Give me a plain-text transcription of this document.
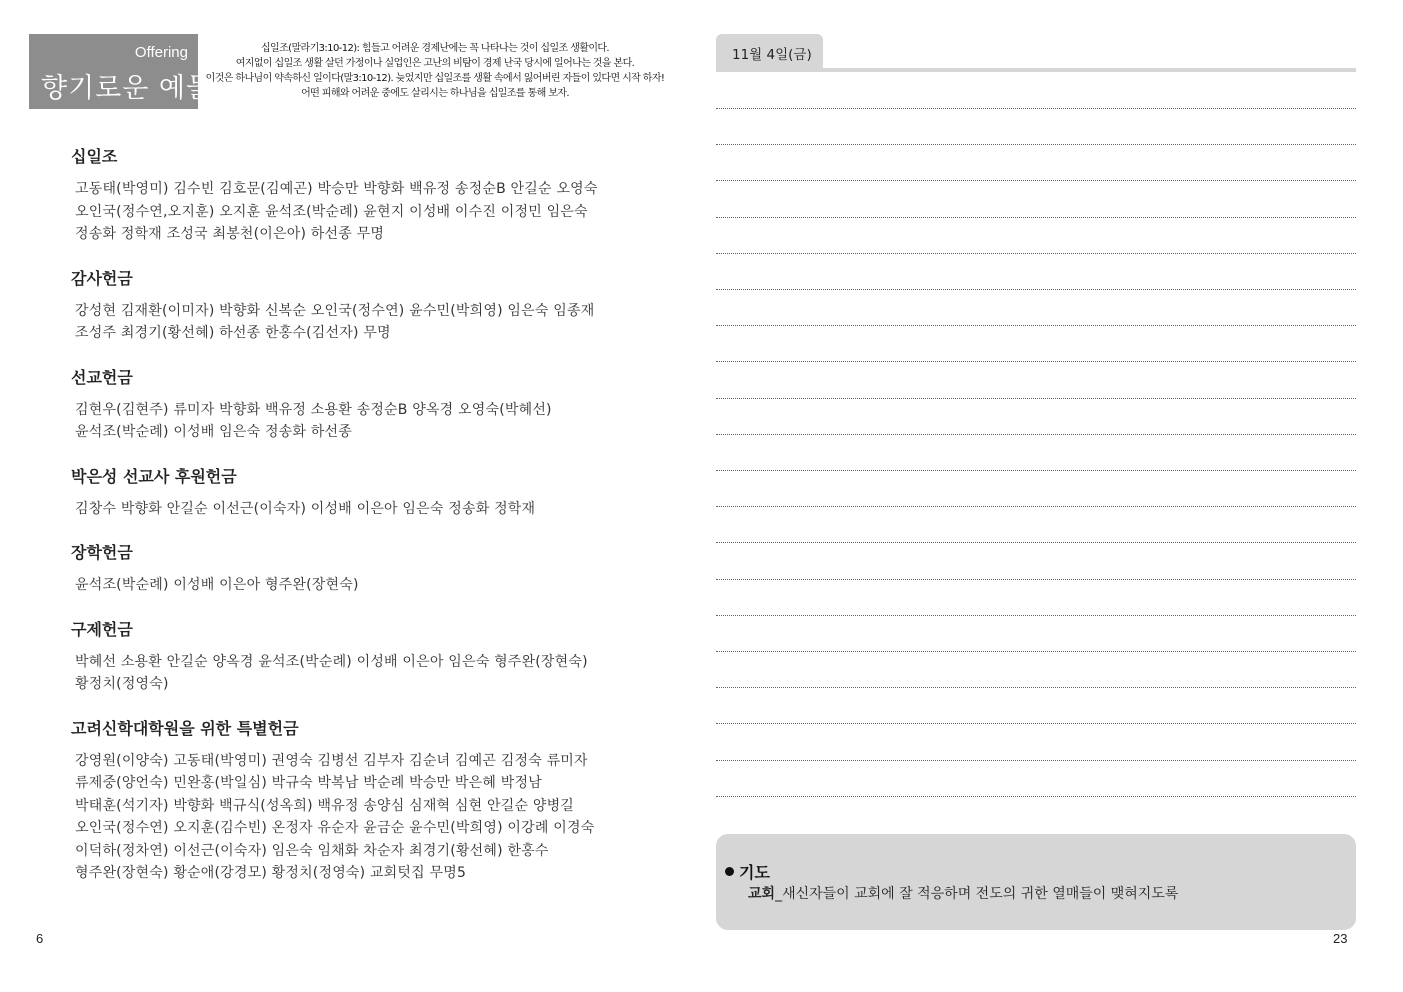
Offering
향기로운 예물
십일조(말라기3:10-12): 힘들고 어려운 경제난에는 꼭 나타나는 것이 십일조 생활이다.
여지없이 십일조 생활 살던 가정이나 실업인은 고난의 비탐이 경제 난국 당시에 일어나는 것을 본다.
이것은 하나님이 약속하신 일이다(말3:10-12). 늦었지만 십일조를 생활 속에서 잃어버린 자들이 있다면 시작 하자!
어떤 피해와 어려운 중에도 살리시는 하나님을 십일조를 통해 보자.
십일조
고동태(박영미) 김수빈 김호문(김예곤) 박승만 박향화 백유정 송정순B 안길순 오영숙
오인국(정수연,오지훈) 오지훈 윤석조(박순례) 윤현지 이성배 이수진 이정민 임은숙
정송화 정학재 조성국 최봉천(이은아) 하선종 무명
감사헌금
강성현 김재환(이미자) 박향화 신복순 오인국(정수연) 윤수민(박희영) 임은숙 임종재
조성주 최경기(황선혜) 하선종 한홍수(김선자) 무명
선교헌금
김현우(김현주) 류미자 박향화 백유정 소용환 송정순B 양옥경 오영숙(박혜선)
윤석조(박순례) 이성배 임은숙 정송화 하선종
박은성 선교사 후원헌금
김창수 박향화 안길순 이선근(이숙자) 이성배 이은아 임은숙 정송화 정학재
장학헌금
윤석조(박순례) 이성배 이은아 형주완(장현숙)
구제헌금
박혜선 소용환 안길순 양옥경 윤석조(박순례) 이성배 이은아 임은숙 형주완(장현숙)
황정치(정영숙)
고려신학대학원을 위한 특별헌금
강영원(이양숙) 고동태(박영미) 권영숙 김병선 김부자 김순녀 김예곤 김정숙 류미자
류제중(양언숙) 민완홍(박일심) 박규숙 박복남 박순례 박승만 박은혜 박정남
박태훈(석기자) 박향화 백규식(성옥희) 백유정 송양심 심재혁 심현 안길순 양병길
오인국(정수연) 오지훈(김수빈) 온정자 유순자 윤금순 윤수민(박희영) 이강례 이경숙
이덕하(정차연) 이선근(이숙자) 임은숙 임채화 차순자 최경기(황선혜) 한홍수
형주완(장현숙) 황순애(강경모) 황정치(정영숙) 교회텃집 무명5
6
11월 4일(금)
기도
교회_새신자들이 교회에 잘 적응하며 전도의 귀한 열매들이 맺혀지도록
23
